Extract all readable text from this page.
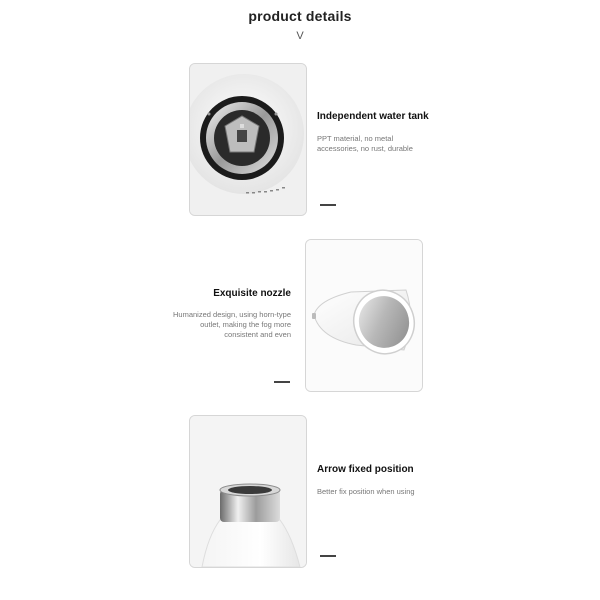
product details
V
Independent water tank
PPT material, no metal accessories, no rust, durable
Exquisite nozzle
Humanized design, using horn-type outlet, making the fog more consistent and even
Arrow fixed position
Better fix position when using
